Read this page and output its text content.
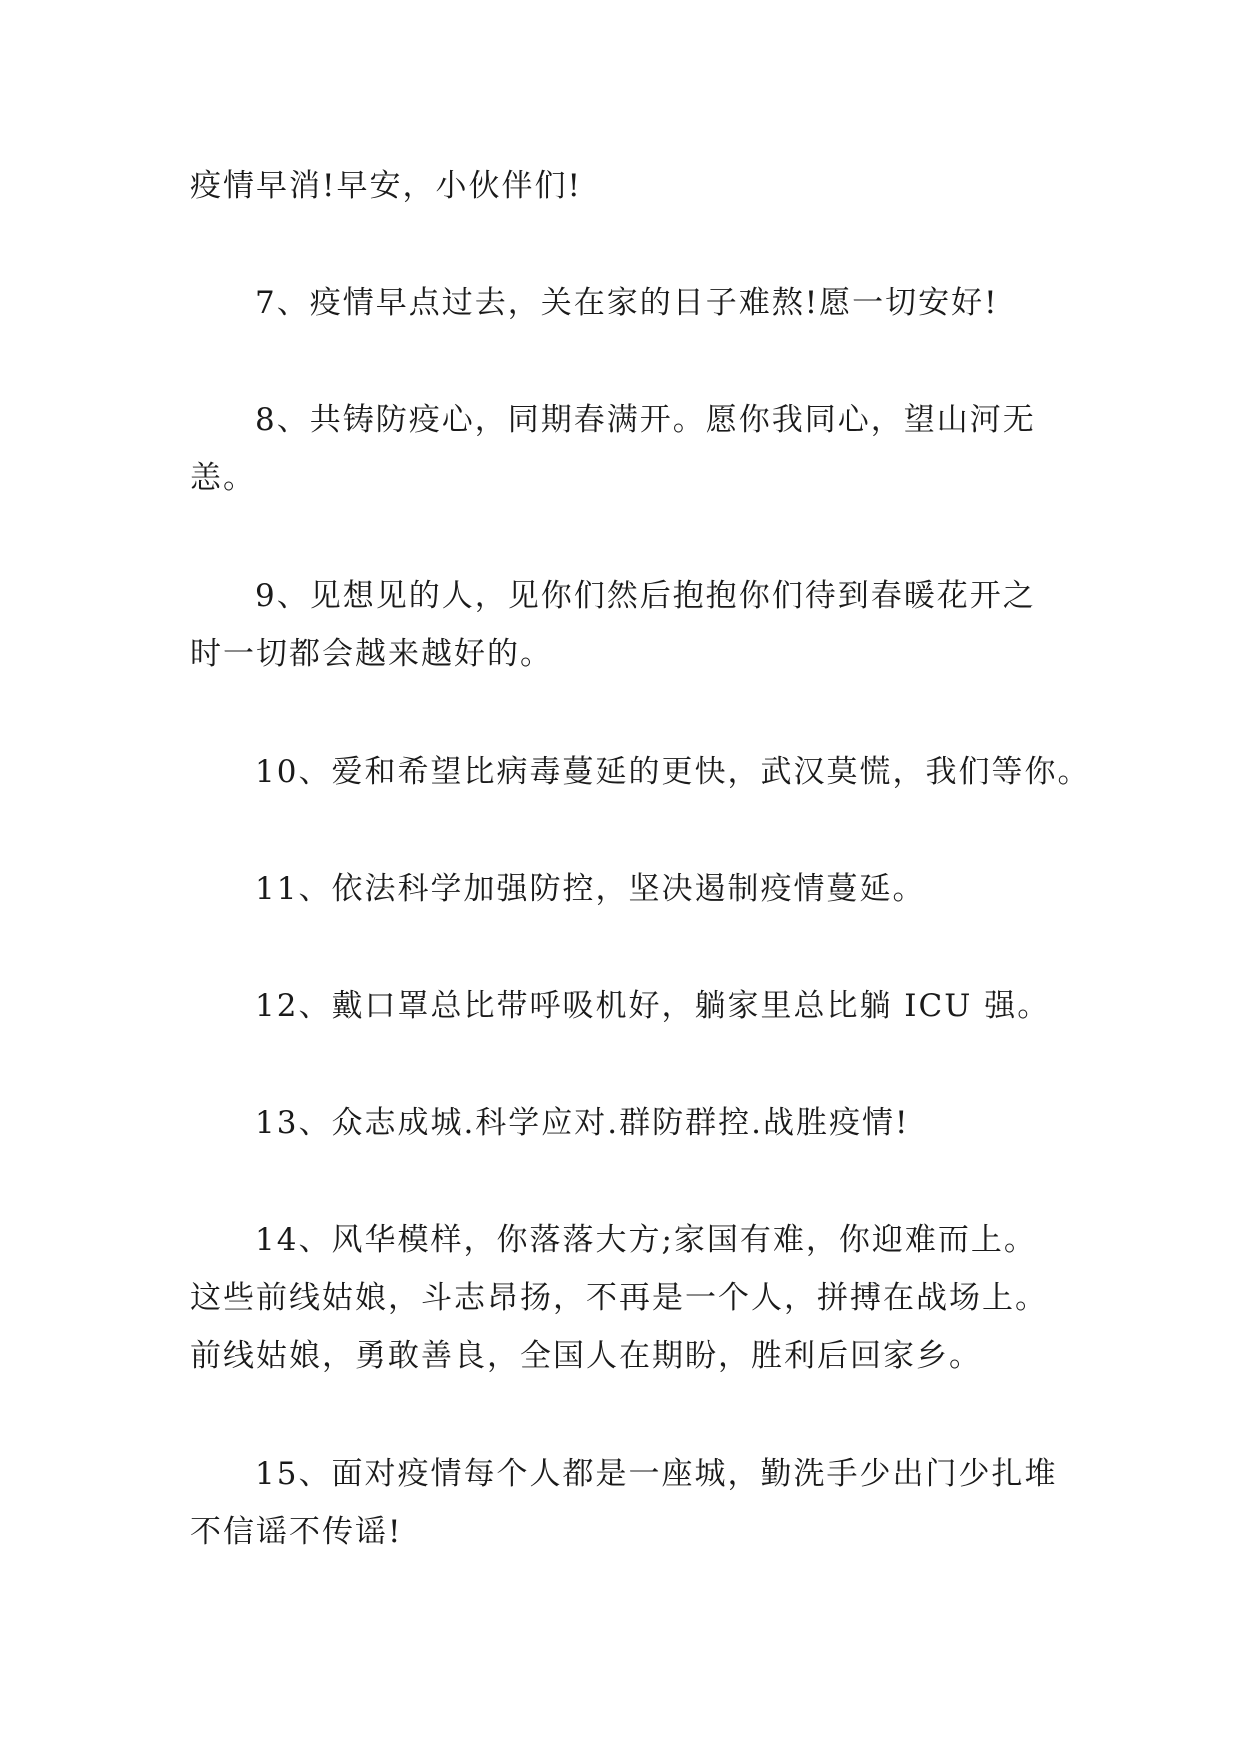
疫情早消!早安，小伙伴们!

7、疫情早点过去，关在家的日子难熬!愿一切安好!

8、共铸防疫心，同期春满开。愿你我同心，望山河无
恙。

9、见想见的人，见你们然后抱抱你们待到春暖花开之
时一切都会越来越好的。

10、爱和希望比病毒蔓延的更快，武汉莫慌，我们等你。

11、依法科学加强防控，坚决遏制疫情蔓延。

12、戴口罩总比带呼吸机好，躺家里总比躺 ICU 强。

13、众志成城.科学应对.群防群控.战胜疫情!

14、风华模样，你落落大方;家国有难，你迎难而上。
这些前线姑娘，斗志昂扬，不再是一个人，拼搏在战场上。
前线姑娘，勇敢善良，全国人在期盼，胜利后回家乡。

15、面对疫情每个人都是一座城，勤洗手少出门少扎堆
不信谣不传谣!
